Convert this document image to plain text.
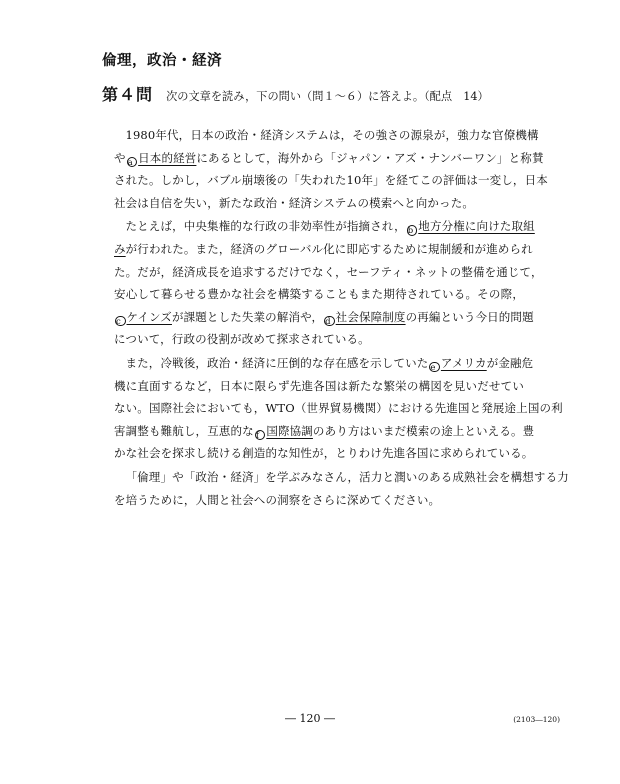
倫理，政治・経済
第４問 次の文章を読み，下の問い（問１～６）に答えよ。（配点　14）
1980年代，日本の政治・経済システムは，その強さの源泉が，強力な官僚機構
や a 日本的経営にあるとして，海外から「ジャパン・アズ・ナンバーワン」と称賛
された。しかし，バブル崩壊後の「失われた10年」を経てこの評価は一変し，日本
社会は自信を失い，新たな政治・経済システムの模索へと向かった。
たとえば，中央集権的な行政の非効率性が指摘され， b 地方分権に向けた取組
みが行われた。また，経済のグローバル化に即応するために規制緩和が進められ
た。だが，経済成長を追求するだけでなく，セーフティ・ネットの整備を通じて，
安心して暮らせる豊かな社会を構築することもまた期待されている。その際，
c ケインズが課題とした失業の解消や， d 社会保障制度の再編という今日的問題
について，行政の役割が改めて探求されている。
また，冷戦後，政治・経済に圧倒的な存在感を示していた e アメリカが金融危
機に直面するなど，日本に限らず先進各国は新たな繁栄の構図を見いだせてい
ない。国際社会においても，WTO（世界貿易機関）における先進国と発展途上国の利
害調整も難航し，互恵的な f 国際協調のあり方はいまだ模索の途上といえる。豊
かな社会を探求し続ける創造的な知性が，とりわけ先進各国に求められている。
「倫理」や「政治・経済」を学ぶみなさん，活力と潤いのある成熟社会を構想する力
を培うために，人間と社会への洞察をさらに深めてください。
― 120 ―	(2103―120)
